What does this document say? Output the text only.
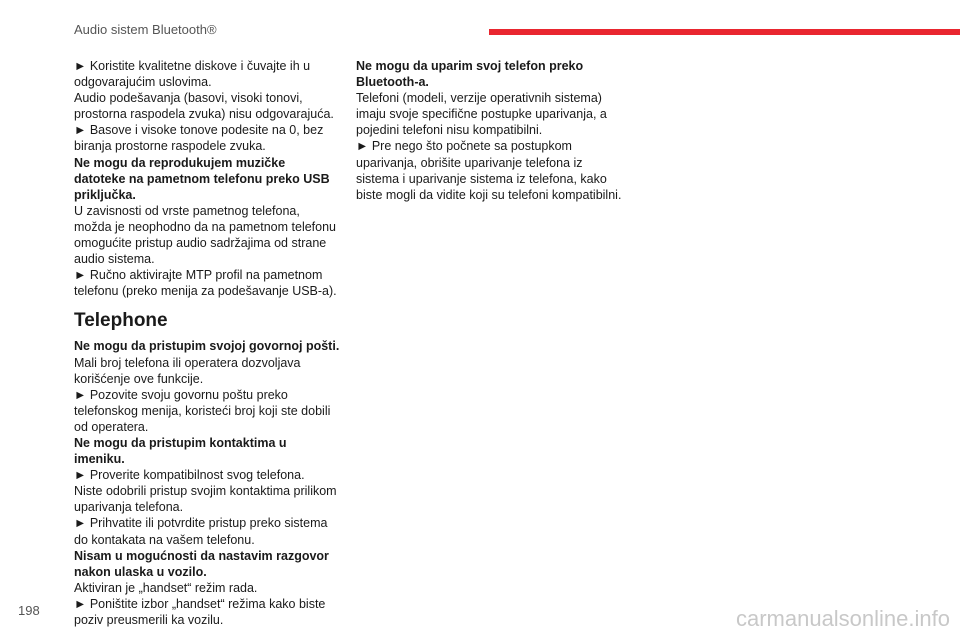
Audio sistem Bluetooth®

► Koristite kvalitetne diskove i čuvajte ih u odgovarajućim uslovima.

Audio podešavanja (basovi, visoki tonovi, prostorna raspodela zvuka) nisu odgovarajuća.

► Basove i visoke tonove podesite na 0, bez biranja prostorne raspodele zvuka.

Ne mogu da reprodukujem muzičke datoteke na pametnom telefonu preko USB priključka.

U zavisnosti od vrste pametnog telefona, možda je neophodno da na pametnom telefonu omogućite pristup audio sadržajima od strane audio sistema.

► Ručno aktivirajte MTP profil na pametnom telefonu (preko menija za podešavanje USB-a).

Telephone

Ne mogu da pristupim svojoj govornoj pošti.

Mali broj telefona ili operatera dozvoljava korišćenje ove funkcije.

► Pozovite svoju govornu poštu preko telefonskog menija, koristeći broj koji ste dobili od operatera.

Ne mogu da pristupim kontaktima u imeniku.

► Proverite kompatibilnost svog telefona.

Niste odobrili pristup svojim kontaktima prilikom uparivanja telefona.

► Prihvatite ili potvrdite pristup preko sistema do kontakata na vašem telefonu.

Nisam u mogućnosti da nastavim razgovor nakon ulaska u vozilo.

Aktiviran je „handset“ režim rada.

► Poništite izbor „handset“ režima kako biste poziv preusmerili ka vozilu.

Ne mogu da uparim svoj telefon preko Bluetooth-a.

Telefoni (modeli, verzije operativnih sistema) imaju svoje specifične postupke uparivanja, a pojedini telefoni nisu kompatibilni.

► Pre nego što počnete sa postupkom uparivanja, obrišite uparivanje telefona iz sistema i uparivanje sistema iz telefona, kako biste mogli da vidite koji su telefoni kompatibilni.

198	carmanualsonline.info
